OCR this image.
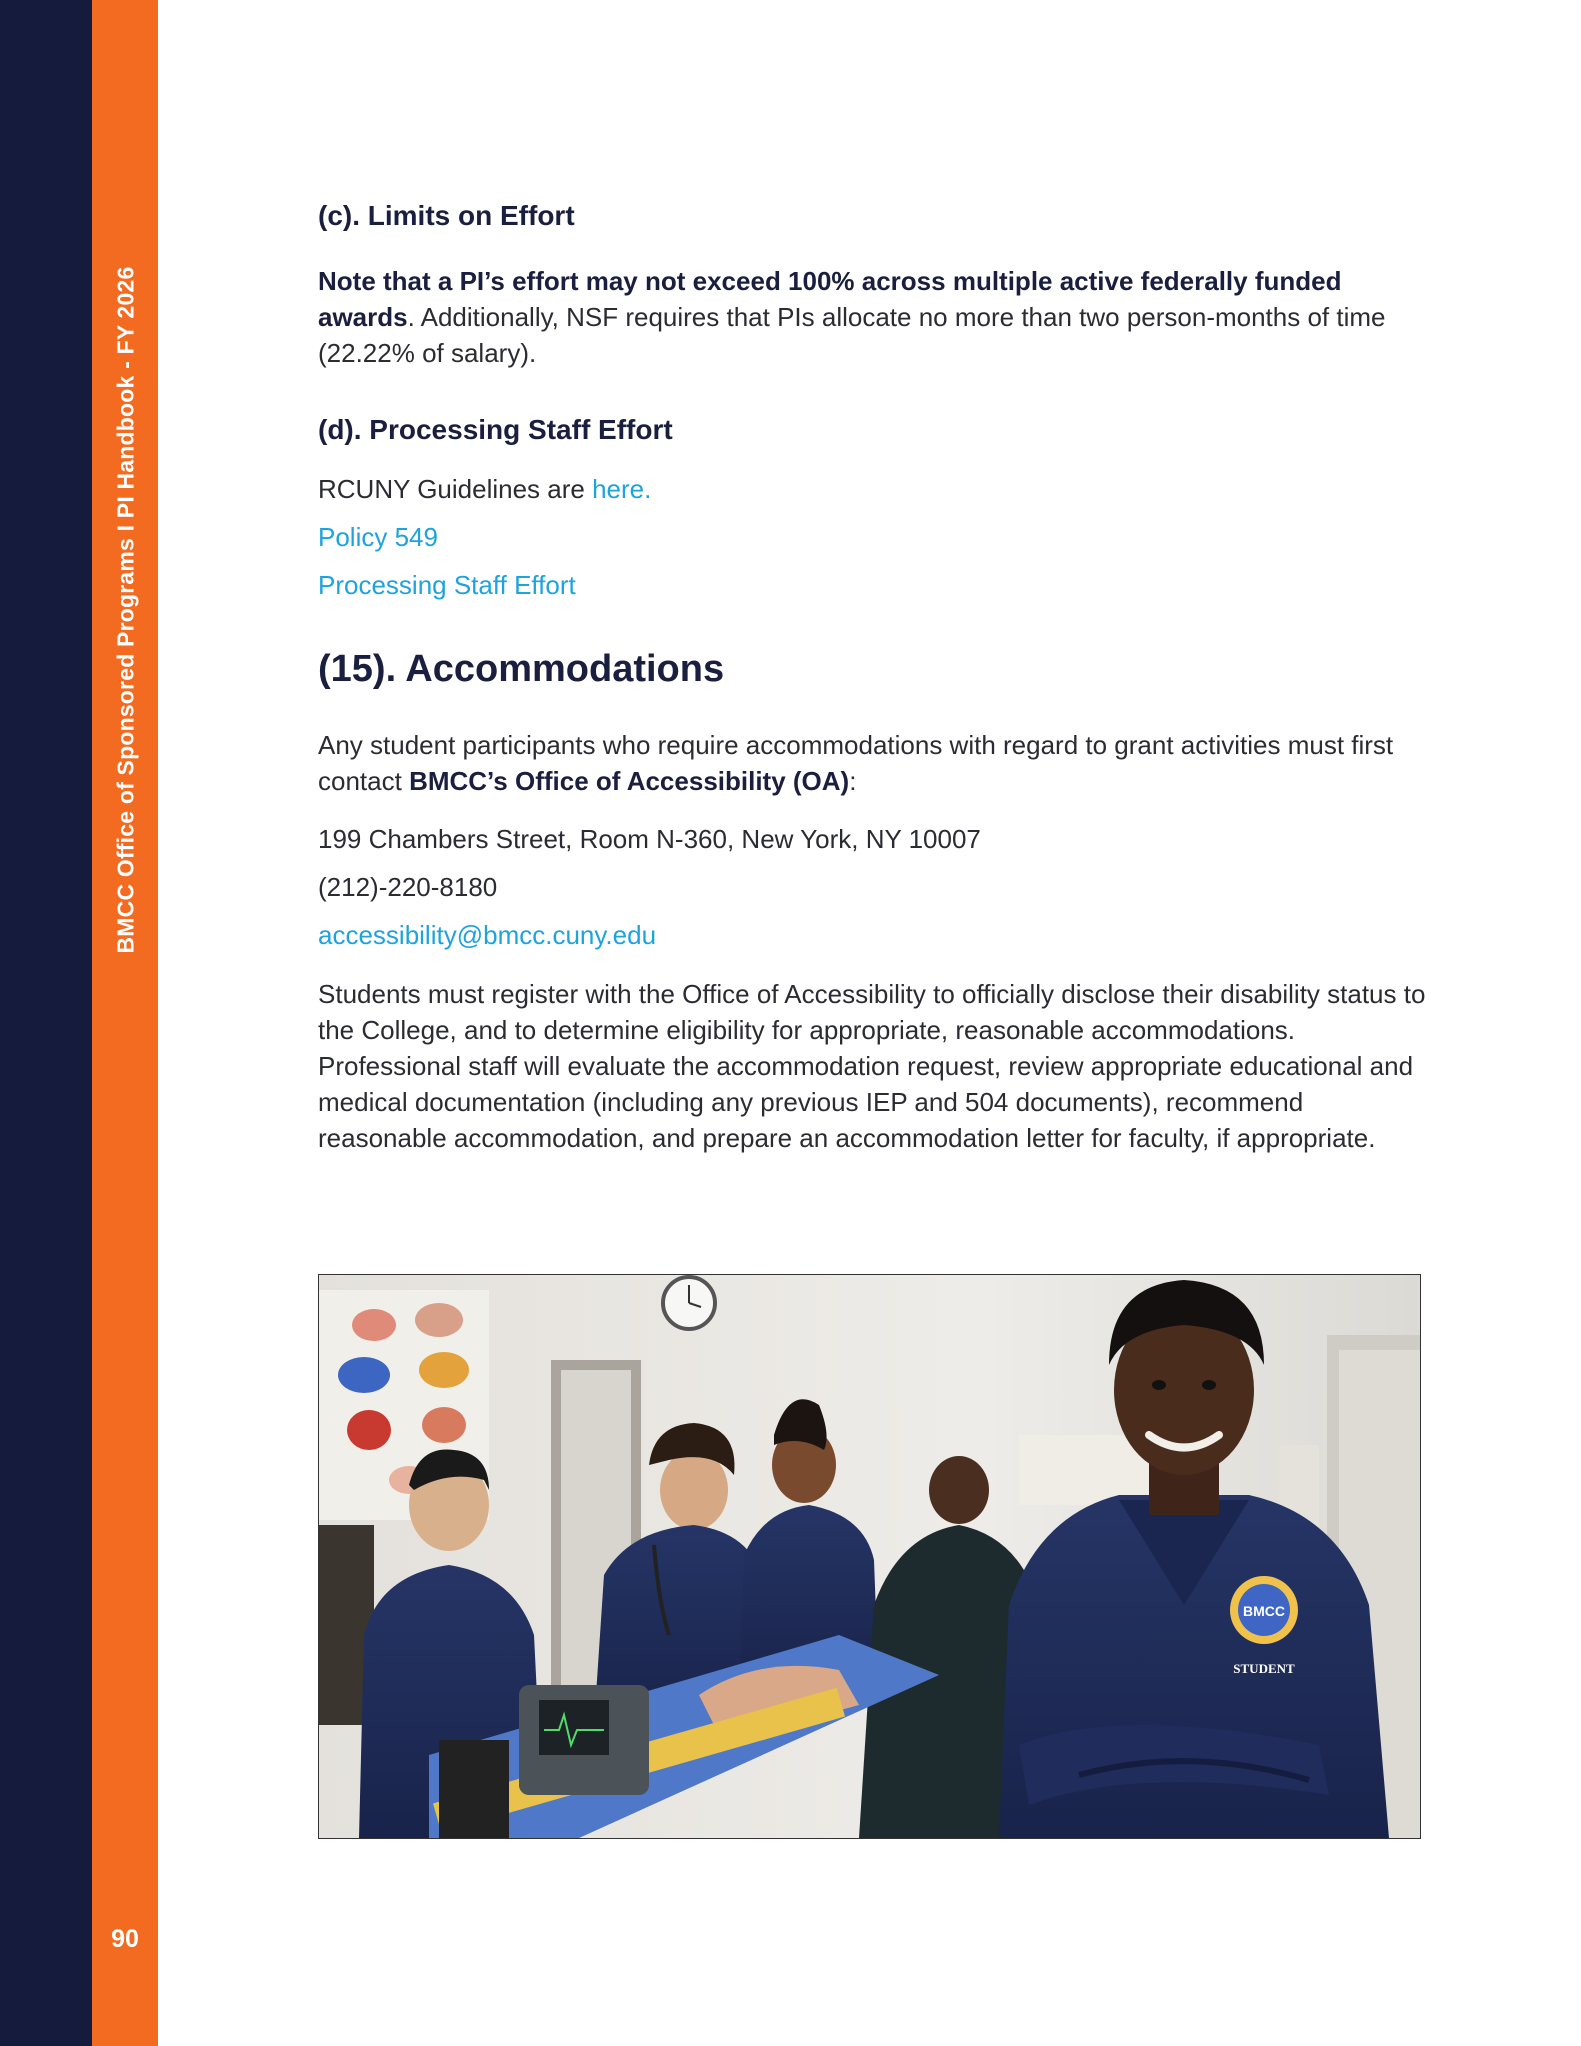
BMCC Office of Sponsored Programs I PI Handbook - FY 2026
90
(c). Limits on Effort
Note that a PI’s effort may not exceed 100% across multiple active federally funded awards. Additionally, NSF requires that PIs allocate no more than two person-months of time (22.22% of salary).
(d). Processing Staff Effort
RCUNY Guidelines are here.
Policy 549
Processing Staff Effort
(15). Accommodations
Any student participants who require accommodations with regard to grant activities must first contact BMCC’s Office of Accessibility (OA):
199 Chambers Street, Room N-360, New York, NY 10007
(212)-220-8180
accessibility@bmcc.cuny.edu
Students must register with the Office of Accessibility to officially disclose their disability status to the College, and to determine eligibility for appropriate, reasonable accommodations. Professional staff will evaluate the accommodation request, review appropriate educational and medical documentation (including any previous IEP and 504 documents), recommend reasonable accommodation, and prepare an accommodation letter for faculty, if appropriate.
BMCC
STUDENT
